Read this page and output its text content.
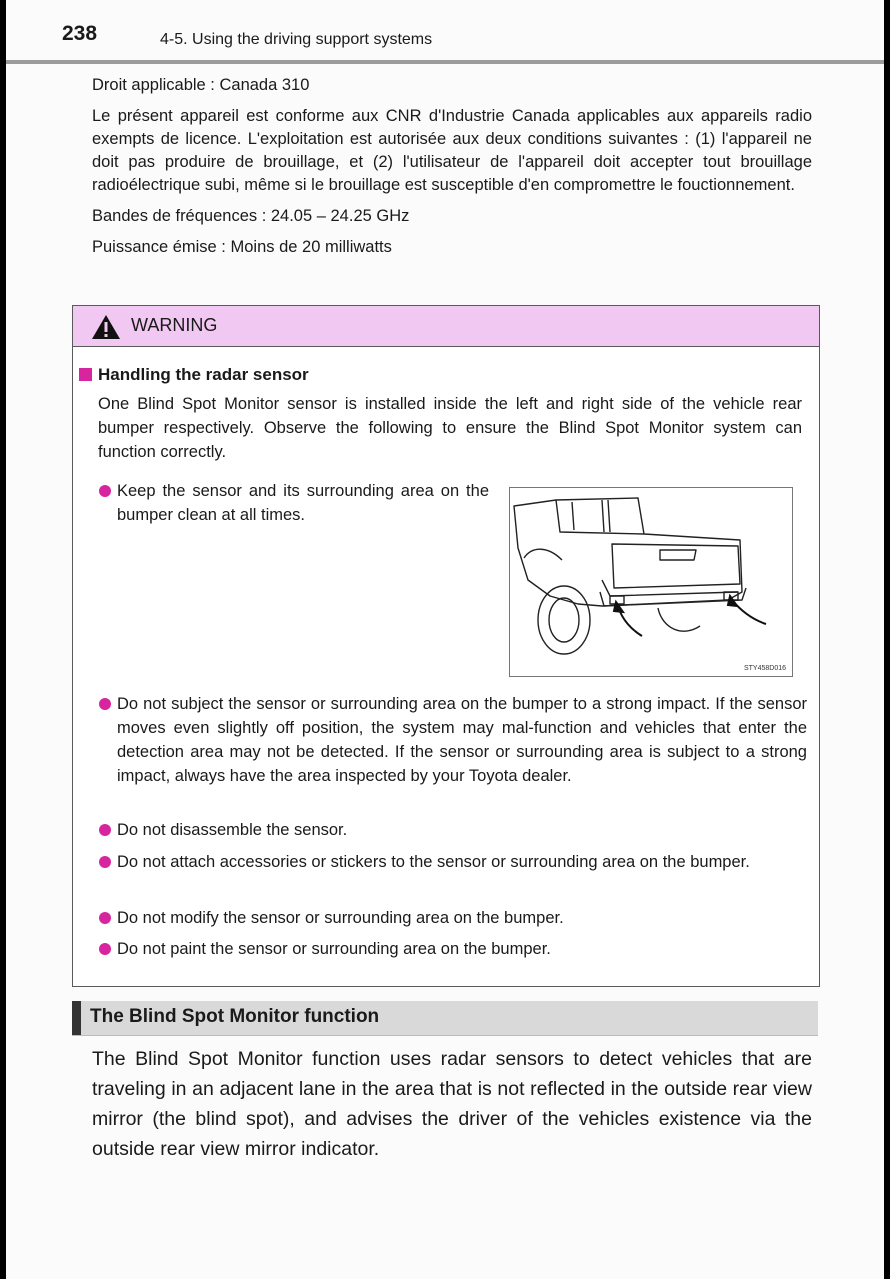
238	4-5. Using the driving support systems

Droit applicable : Canada 310

Le présent appareil est conforme aux CNR d'Industrie Canada applicables aux appareils radio exempts de licence. L'exploitation est autorisée aux deux conditions suivantes : (1) l'appareil ne doit pas produire de brouillage, et (2) l'utilisateur de l'appareil doit accepter tout brouillage radioélectrique subi, même si le brouillage est susceptible d'en compromettre le fouctionnement.

Bandes de fréquences : 24.05 – 24.25 GHz

Puissance émise : Moins de 20 milliwatts

WARNING
Handling the radar sensor

One Blind Spot Monitor sensor is installed inside the left and right side of the vehicle rear bumper respectively. Observe the following to ensure the Blind Spot Monitor system can function correctly.

Keep the sensor and its surrounding area on the bumper clean at all times.
STY458D016
Do not subject the sensor or surrounding area on the bumper to a strong impact. If the sensor moves even slightly off position, the system may mal-function and vehicles that enter the detection area may not be detected. If the sensor or surrounding area is subject to a strong impact, always have the area inspected by your Toyota dealer.
Do not disassemble the sensor.
Do not attach accessories or stickers to the sensor or surrounding area on the bumper.
Do not modify the sensor or surrounding area on the bumper.
Do not paint the sensor or surrounding area on the bumper.
The Blind Spot Monitor function

The Blind Spot Monitor function uses radar sensors to detect vehicles that are traveling in an adjacent lane in the area that is not reflected in the outside rear view mirror (the blind spot), and advises the driver of the vehicles existence via the outside rear view mirror indicator.
